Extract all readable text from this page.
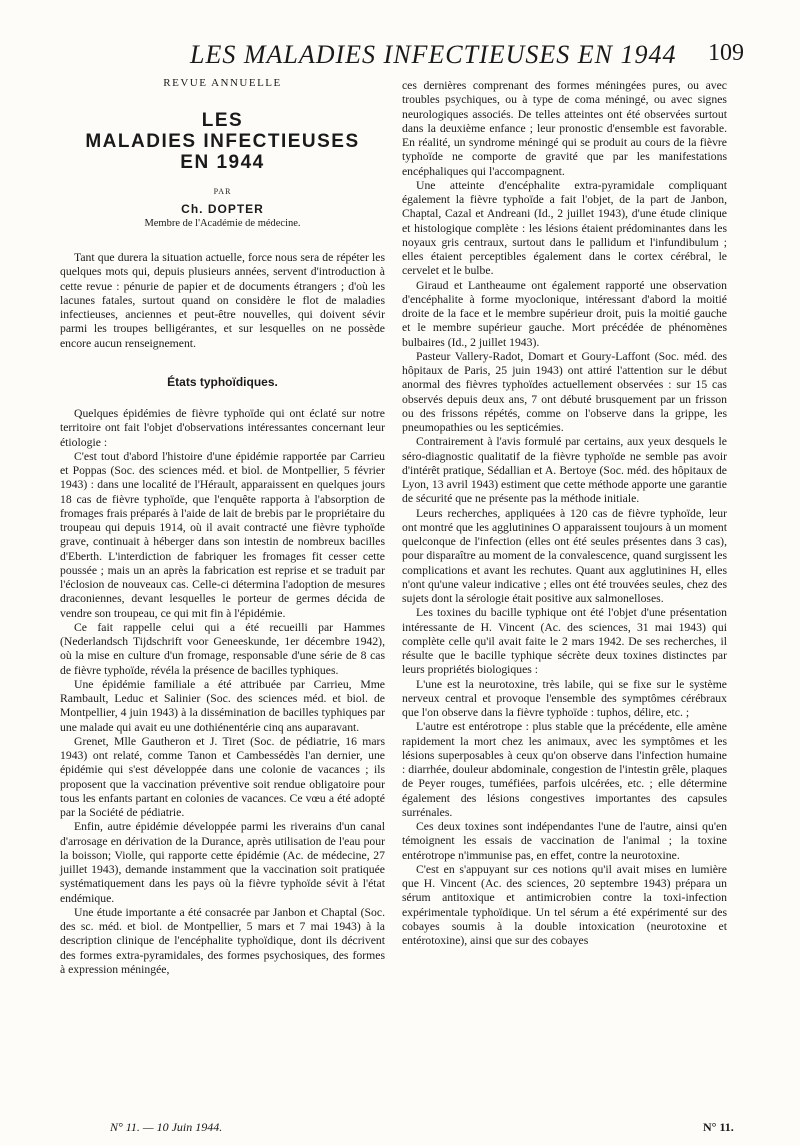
LES MALADIES INFECTIEUSES EN 1944 109
REVUE ANNUELLE
LES
MALADIES INFECTIEUSES
EN 1944
PAR
Ch. DOPTER
Membre de l'Académie de médecine.

Tant que durera la situation actuelle, force nous sera de répéter les quelques mots qui, depuis plusieurs années, servent d'introduction à cette revue : pénurie de papier et de documents étrangers ; d'où les lacunes fatales, surtout quand on considère le flot de maladies infectieuses, anciennes et peut-être nouvelles, qui doivent sévir parmi les troupes belligérantes, et sur lesquelles on ne possède encore aucun renseignement.

États typhoïdiques.

Quelques épidémies de fièvre typhoïde qui ont éclaté sur notre territoire ont fait l'objet d'observations intéressantes concernant leur étiologie :

C'est tout d'abord l'histoire d'une épidémie rapportée par Carrieu et Poppas (Soc. des sciences méd. et biol. de Montpellier, 5 février 1943) : dans une localité de l'Hérault, apparaissent en quelques jours 18 cas de fièvre typhoïde, que l'enquête rapporta à l'absorption de fromages frais préparés à l'aide de lait de brebis par le propriétaire du troupeau qui depuis 1914, où il avait contracté une fièvre typhoïde grave, continuait à héberger dans son intestin de nombreux bacilles d'Eberth. L'interdiction de fabriquer les fromages fit cesser cette poussée ; mais un an après la fabrication est reprise et se traduit par l'éclosion de nouveaux cas. Celle-ci détermina l'adoption de mesures draconiennes, devant lesquelles le porteur de germes décida de vendre son troupeau, ce qui mit fin à l'épidémie.

Ce fait rappelle celui qui a été recueilli par Hammes (Nederlandsch Tijdschrift voor Geneeskunde, 1er décembre 1942), où la mise en culture d'un fromage, responsable d'une série de 8 cas de fièvre typhoïde, révéla la présence de bacilles typhiques.

Une épidémie familiale a été attribuée par Carrieu, Mme Rambault, Leduc et Salinier (Soc. des sciences méd. et biol. de Montpellier, 4 juin 1943) à la dissémination de bacilles typhiques par une malade qui avait eu une dothiénentérie cinq ans auparavant.

Grenet, Mlle Gautheron et J. Tiret (Soc. de pédiatrie, 16 mars 1943) ont relaté, comme Tanon et Cambessédès l'an dernier, une épidémie qui s'est développée dans une colonie de vacances ; ils proposent que la vaccination préventive soit rendue obligatoire pour tous les enfants partant en colonies de vacances. Ce vœu a été adopté par la Société de pédiatrie.

Enfin, autre épidémie développée parmi les riverains d'un canal d'arrosage en dérivation de la Durance, après utilisation de l'eau pour la boisson; Violle, qui rapporte cette épidémie (Ac. de médecine, 27 juillet 1943), demande instamment que la vaccination soit pratiquée systématiquement dans les pays où la fièvre typhoïde sévit à l'état endémique.

Une étude importante a été consacrée par Janbon et Chaptal (Soc. des sc. méd. et biol. de Montpellier, 5 mars et 7 mai 1943) à la description clinique de l'encéphalite typhoïdique, dont ils décrivent des formes extra-pyramidales, des formes psychosiques, des formes à expression méningée,

ces dernières comprenant des formes méningées pures, ou avec troubles psychiques, ou à type de coma méningé, ou avec signes neurologiques associés. De telles atteintes ont été observées surtout dans la deuxième enfance ; leur pronostic d'ensemble est favorable. En réalité, un syndrome méningé qui se produit au cours de la fièvre typhoïde ne comporte de gravité que par les manifestations encéphaliques qui l'accompagnent.

Une atteinte d'encéphalite extra-pyramidale compliquant également la fièvre typhoïde a fait l'objet, de la part de Janbon, Chaptal, Cazal et Andreani (Id., 2 juillet 1943), d'une étude clinique et histologique complète : les lésions étaient prédominantes dans les noyaux gris centraux, surtout dans le pallidum et l'infundibulum ; elles étaient perceptibles également dans le cortex cérébral, le cervelet et le bulbe.

Giraud et Lantheaume ont également rapporté une observation d'encéphalite à forme myoclonique, intéressant d'abord la moitié droite de la face et le membre supérieur droit, puis la moitié gauche et le membre supérieur gauche. Mort précédée de phénomènes bulbaires (Id., 2 juillet 1943).

Pasteur Vallery-Radot, Domart et Goury-Laffont (Soc. méd. des hôpitaux de Paris, 25 juin 1943) ont attiré l'attention sur le début anormal des fièvres typhoïdes actuellement observées : sur 15 cas observés depuis deux ans, 7 ont débuté brusquement par un frisson ou des frissons répétés, comme on l'observe dans la grippe, les pneumopathies ou les septicémies.

Contrairement à l'avis formulé par certains, aux yeux desquels le séro-diagnostic qualitatif de la fièvre typhoïde ne semble pas avoir d'intérêt pratique, Sédallian et A. Bertoye (Soc. méd. des hôpitaux de Lyon, 13 avril 1943) estiment que cette méthode apporte une garantie de sécurité que ne présente pas la méthode initiale.

Leurs recherches, appliquées à 120 cas de fièvre typhoïde, leur ont montré que les agglutinines O apparaissent toujours à un moment quelconque de l'infection (elles ont été seules présentes dans 3 cas), pour disparaître au moment de la convalescence, quand surgissent les complications et avant les rechutes. Quant aux agglutinines H, elles n'ont qu'une valeur indicative ; elles ont été trouvées seules, chez des sujets dont la sérologie était positive aux salmonelloses.

Les toxines du bacille typhique ont été l'objet d'une présentation intéressante de H. Vincent (Ac. des sciences, 31 mai 1943) qui complète celle qu'il avait faite le 2 mars 1942. De ses recherches, il résulte que le bacille typhique sécrète deux toxines distinctes par leurs propriétés biologiques :

L'une est la neurotoxine, très labile, qui se fixe sur le système nerveux central et provoque l'ensemble des symptômes cérébraux que l'on observe dans la fièvre typhoïde : tuphos, délire, etc. ;

L'autre est entérotrope : plus stable que la précédente, elle amène rapidement la mort chez les animaux, avec les symptômes et les lésions superposables à ceux qu'on observe dans l'infection humaine : diarrhée, douleur abdominale, congestion de l'intestin grêle, plaques de Peyer rouges, tuméfiées, parfois ulcérées, etc. ; elle détermine également des lésions congestives importantes des capsules surrénales.

Ces deux toxines sont indépendantes l'une de l'autre, ainsi qu'en témoignent les essais de vaccination de l'animal ; la toxine entérotrope n'immunise pas, en effet, contre la neurotoxine.

C'est en s'appuyant sur ces notions qu'il avait mises en lumière que H. Vincent (Ac. des sciences, 20 septembre 1943) prépara un sérum antitoxique et antimicrobien contre la toxi-infection expérimentale typhoïdique. Un tel sérum a été expérimenté sur des cobayes soumis à la double intoxication (neurotoxine et entérotoxine), ainsi que sur des cobayes

N° 11. — 10 Juin 1944.	N° 11.
